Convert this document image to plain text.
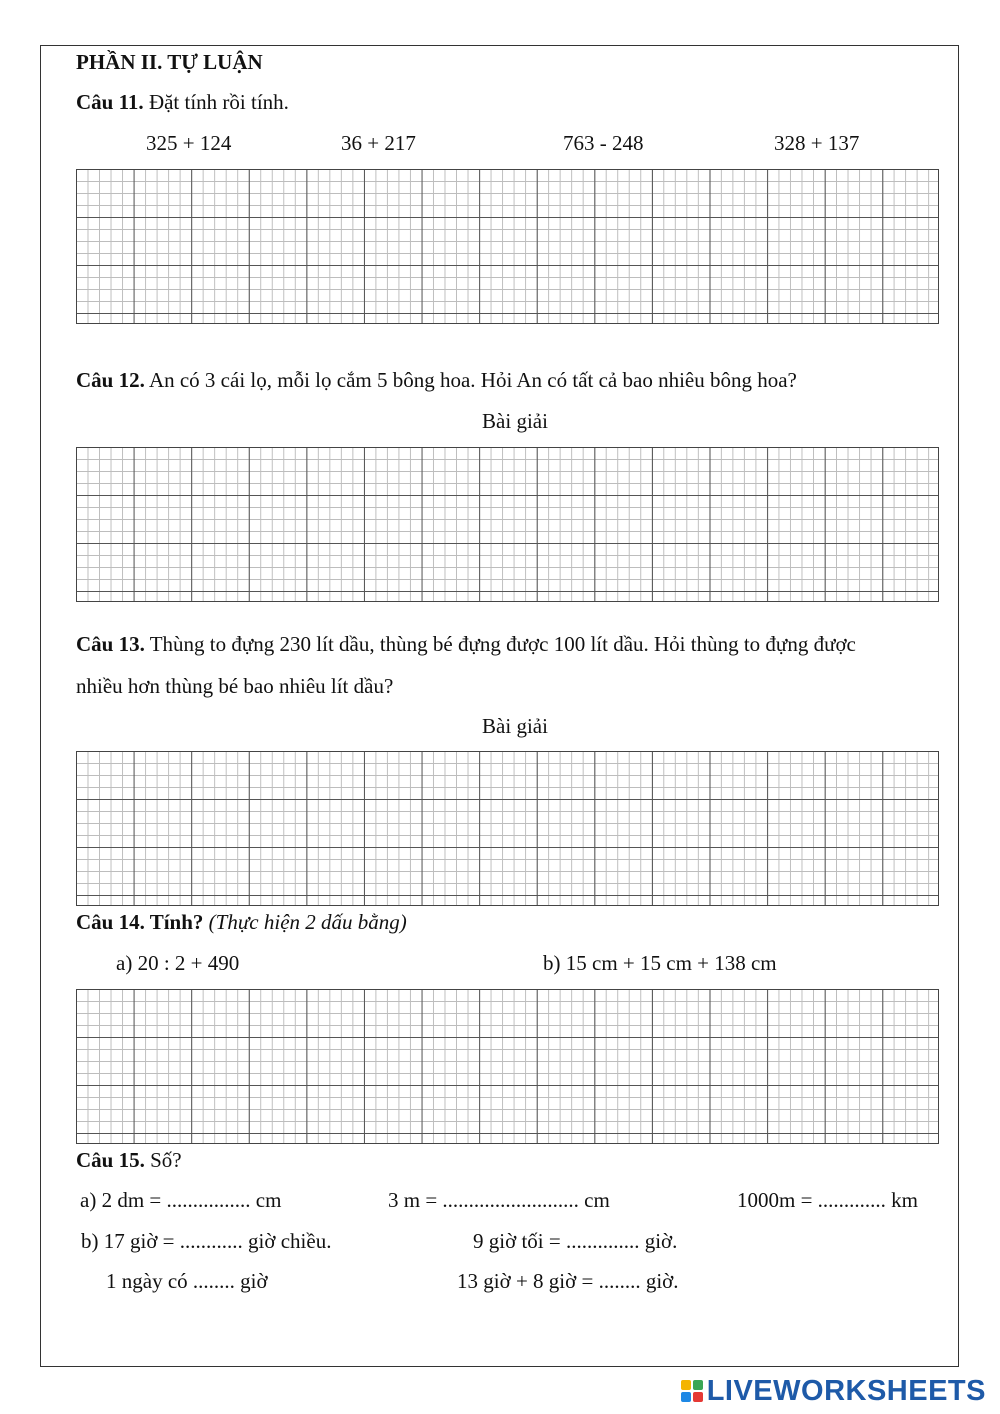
PHẦN II. TỰ LUẬN
Câu 11. Đặt tính rồi tính.
325 + 124	36 + 217	763 - 248	328 + 137
Câu 12. An có 3 cái lọ, mỗi lọ cắm 5 bông hoa. Hỏi An có tất cả bao nhiêu bông hoa?
Bài giải
Câu 13. Thùng to đựng 230 lít dầu, thùng bé đựng được 100 lít dầu. Hỏi thùng to đựng được
nhiều hơn thùng bé bao nhiêu lít dầu?
Bài giải
Câu 14. Tính? (Thực hiện 2 dấu bằng)
a) 20 : 2 + 490	b) 15 cm + 15 cm + 138 cm
Câu 15. Số?
a) 2 dm = ................ cm	3 m = .......................... cm	1000m = ............. km
b) 17 giờ = ............ giờ chiều.	9 giờ tối = .............. giờ.
1 ngày có ........ giờ	13 giờ + 8 giờ = ........ giờ.
LIVEWORKSHEETS
